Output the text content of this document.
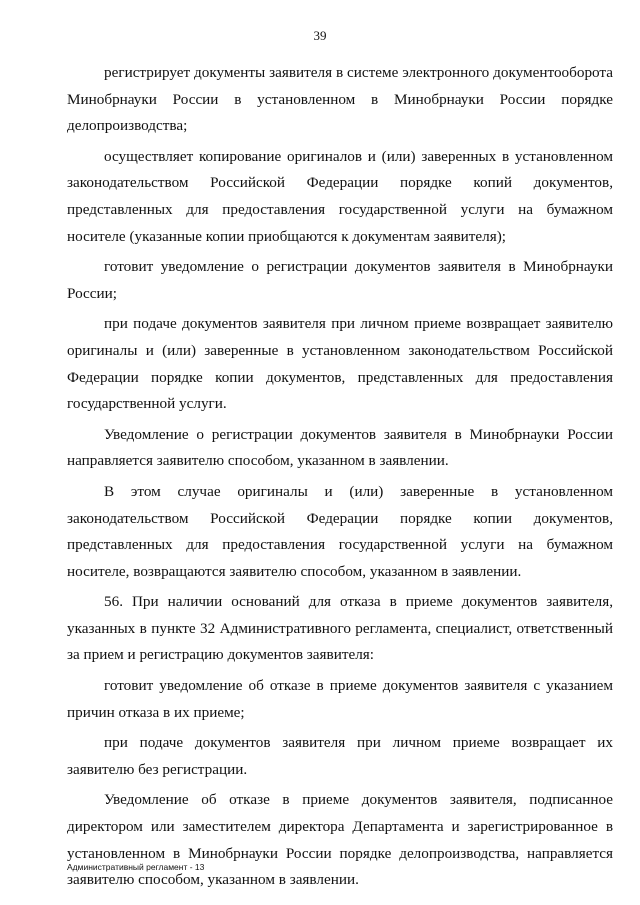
39

регистрирует документы заявителя в системе электронного документооборота Минобрнауки России в установленном в Минобрнауки России порядке делопроизводства;

осуществляет копирование оригиналов и (или) заверенных в установленном законодательством Российской Федерации порядке копий документов, представленных для предоставления государственной услуги на бумажном носителе (указанные копии приобщаются к документам заявителя);

готовит уведомление о регистрации документов заявителя в Минобрнауки России;

при подаче документов заявителя при личном приеме возвращает заявителю оригиналы и (или) заверенные в установленном законодательством Российской Федерации порядке копии документов, представленных для предоставления государственной услуги.

Уведомление о регистрации документов заявителя в Минобрнауки России направляется заявителю способом, указанном в заявлении.

В этом случае оригиналы и (или) заверенные в установленном законодательством Российской Федерации порядке копии документов, представленных для предоставления государственной услуги на бумажном носителе, возвращаются заявителю способом, указанном в заявлении.

56. При наличии оснований для отказа в приеме документов заявителя, указанных в пункте 32 Административного регламента, специалист, ответственный за прием и регистрацию документов заявителя:

готовит уведомление об отказе в приеме документов заявителя с указанием причин отказа в их приеме;

при подаче документов заявителя при личном приеме возвращает их заявителю без регистрации.

Уведомление об отказе в приеме документов заявителя, подписанное директором или заместителем директора Департамента и зарегистрированное в установленном в Минобрнауки России порядке делопроизводства, направляется заявителю способом, указанном в заявлении.

Административный регламент - 13
